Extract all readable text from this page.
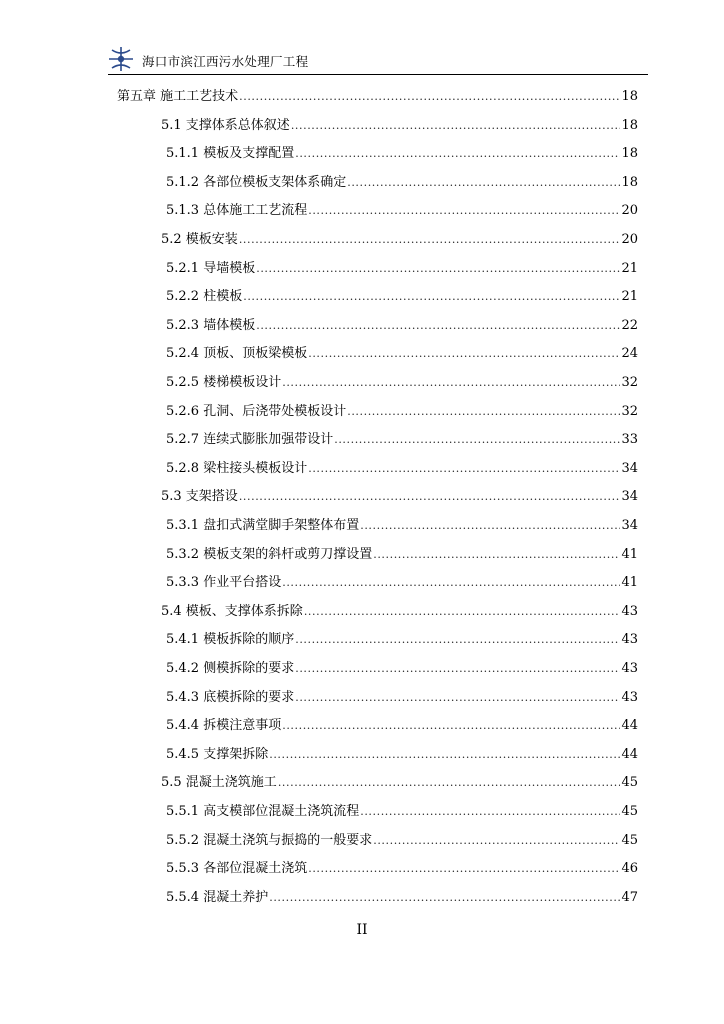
海口市滨江西污水处理厂工程
第五章 施工工艺技术 .....	18
5.1 支撑体系总体叙述 .....	18
5.1.1 模板及支撑配置 .....	18
5.1.2 各部位模板支架体系确定 .....	18
5.1.3 总体施工工艺流程 .....	20
5.2 模板安装 .....	20
5.2.1 导墙模板 .....	21
5.2.2 柱模板 .....	21
5.2.3 墙体模板 .....	22
5.2.4 顶板、顶板梁模板 .....	24
5.2.5 楼梯模板设计 .....	32
5.2.6 孔洞、后浇带处模板设计 .....	32
5.2.7 连续式膨胀加强带设计 .....	33
5.2.8 梁柱接头模板设计 .....	34
5.3 支架搭设 .....	34
5.3.1 盘扣式满堂脚手架整体布置 .....	34
5.3.2 模板支架的斜杆或剪刀撑设置 .....	41
5.3.3 作业平台搭设 .....	41
5.4 模板、支撑体系拆除 .....	43
5.4.1 模板拆除的顺序 .....	43
5.4.2 侧模拆除的要求 .....	43
5.4.3 底模拆除的要求 .....	43
5.4.4 拆模注意事项 .....	44
5.4.5 支撑架拆除 .....	44
5.5 混凝土浇筑施工 .....	45
5.5.1 高支模部位混凝土浇筑流程 .....	45
5.5.2 混凝土浇筑与振捣的一般要求 .....	45
5.5.3 各部位混凝土浇筑 .....	46
5.5.4 混凝土养护 .....	47
II
